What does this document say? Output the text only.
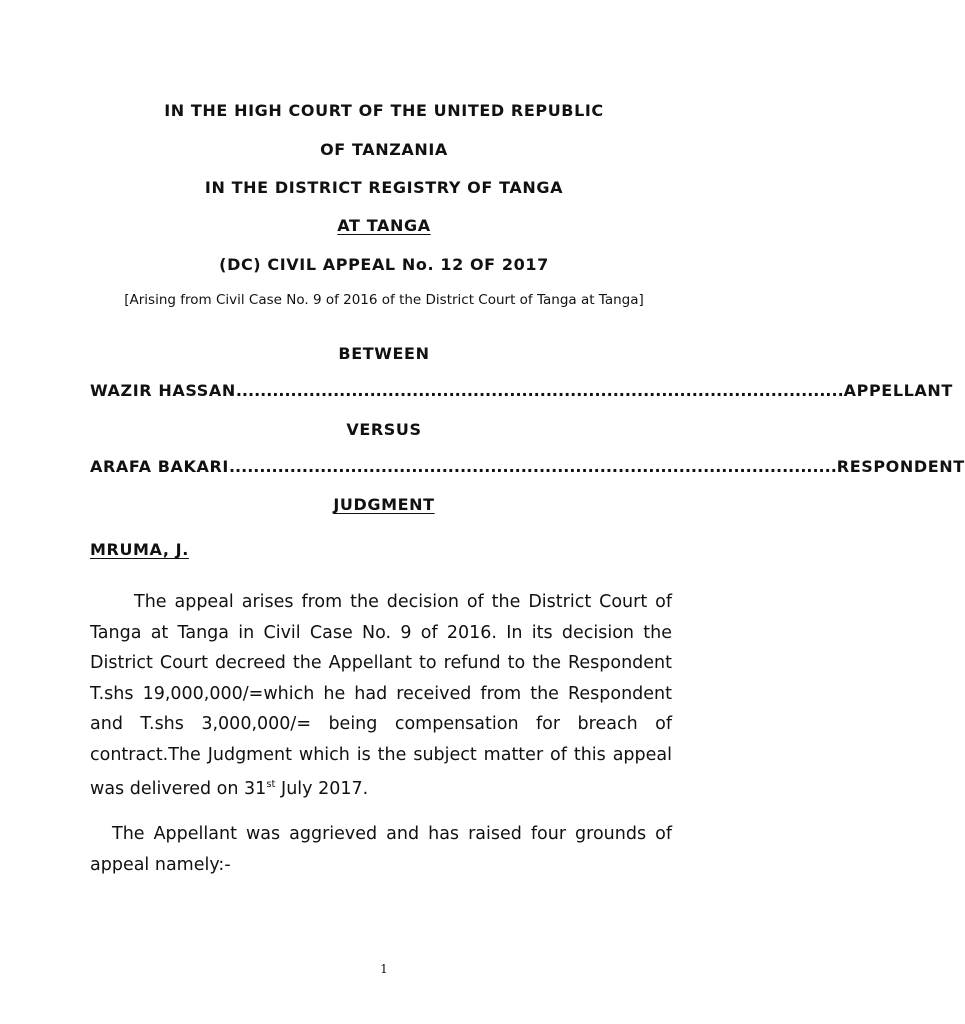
IN THE HIGH COURT OF THE UNITED REPUBLIC
OF TANZANIA
IN THE DISTRICT REGISTRY OF TANGA
AT TANGA
(DC) CIVIL APPEAL No. 12 OF 2017
[Arising from Civil Case No. 9 of 2016 of the District Court of Tanga at Tanga]
BETWEEN
WAZIR HASSAN .................................................................................................... APPELLANT
VERSUS
ARAFA BAKARI .................................................................................................... RESPONDENT
JUDGMENT
MRUMA, J.
The appeal arises from the decision of the District Court of Tanga at Tanga in Civil Case No. 9 of 2016. In its decision the District Court decreed the Appellant to refund to the Respondent T.shs 19,000,000/=which he had received from the Respondent and T.shs 3,000,000/= being compensation for breach of contract.The Judgment which is the subject matter of this appeal was delivered on 31st July 2017.
The Appellant was aggrieved and has raised four grounds of appeal namely:-
1
